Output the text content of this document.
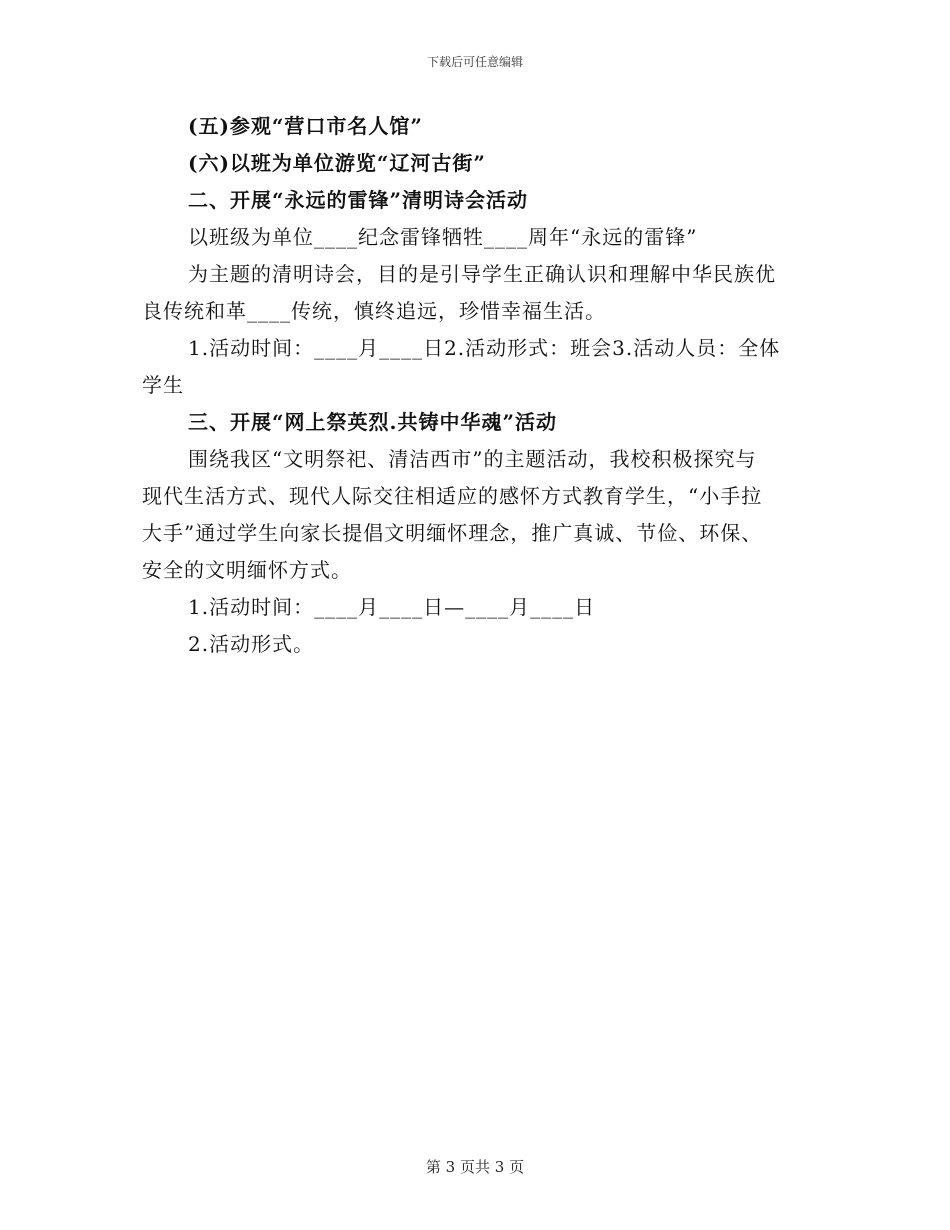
下载后可任意编辑
(五)参观“营口市名人馆”
(六)以班为单位游览“辽河古街”
二、开展“永远的雷锋”清明诗会活动
以班级为单位____纪念雷锋牺牲____周年“永远的雷锋”
为主题的清明诗会，目的是引导学生正确认识和理解中华民族优
良传统和革____传统，慎终追远，珍惜幸福生活。
1.活动时间：____月____日2.活动形式：班会3.活动人员：全体
学生
三、开展“网上祭英烈.共铸中华魂”活动
围绕我区“文明祭祀、清洁西市”的主题活动，我校积极探究与
现代生活方式、现代人际交往相适应的感怀方式教育学生，“小手拉
大手”通过学生向家长提倡文明缅怀理念，推广真诚、节俭、环保、
安全的文明缅怀方式。
1.活动时间：____月____日—____月____日
2.活动形式。
第 3 页共 3 页
